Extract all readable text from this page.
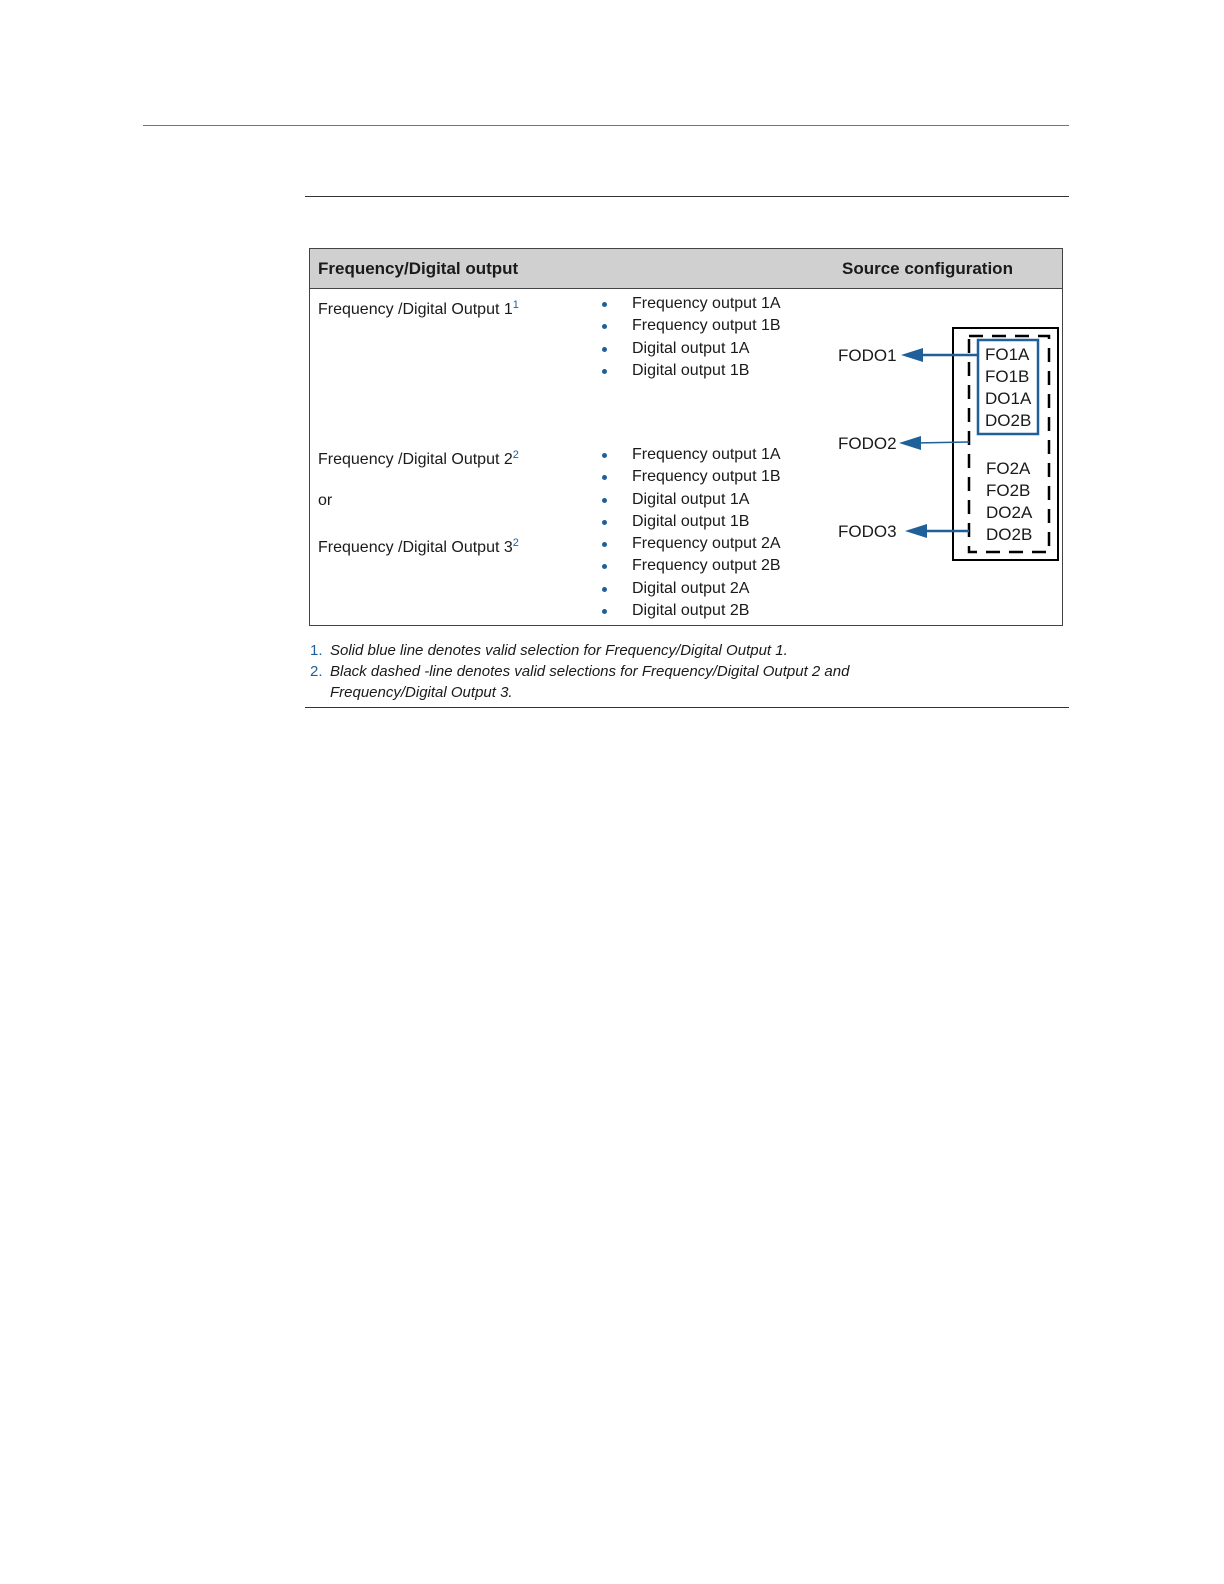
Frequency/Digital output	Source configuration
Frequency /Digital Output $1^1$
Frequency /Digital Output $2^2$
or
Frequency /Digital Output $3^2$
Frequency output 1A
Frequency output 1B
Digital output 1A
Digital output 1B
Frequency output 1A
Frequency output 1B
Digital output 1A
Digital output 1B
Frequency output 2A
Frequency output 2B
Digital output 2A
Digital output 2B
FODO1
FODO2
FODO3
FO1A
FO1B
DO1A
DO2B
FO2A
FO2B
DO2A
DO2B
1. Solid blue line denotes valid selection for Frequency/Digital Output 1.
2. Black dashed -line denotes valid selections for Frequency/Digital Output 2 and Frequency/Digital Output 3.
